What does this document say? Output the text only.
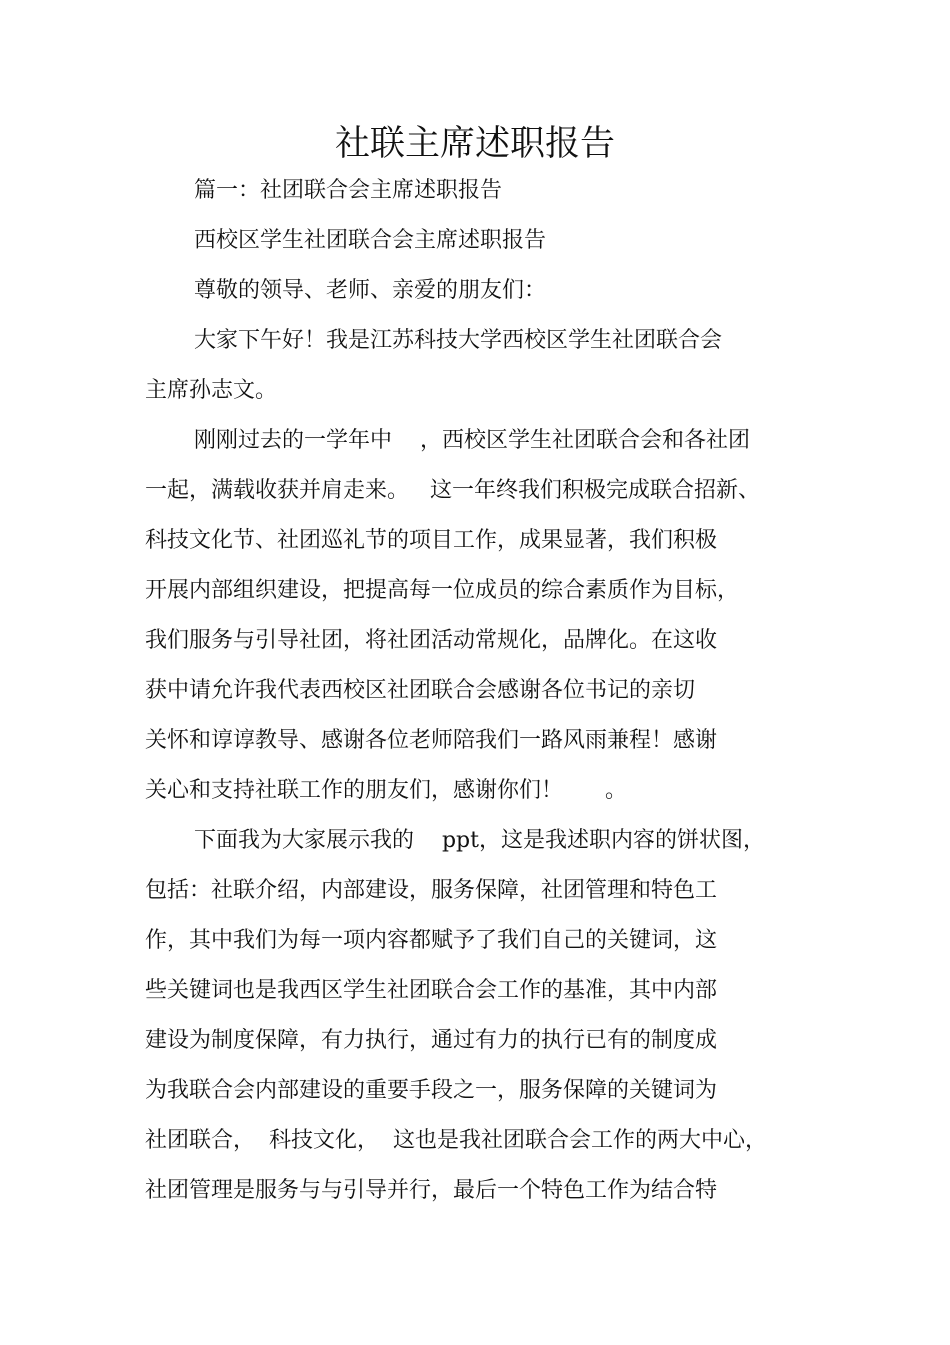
社联主席述职报告
篇一：社团联合会主席述职报告
西校区学生社团联合会主席述职报告
尊敬的领导、老师、亲爱的朋友们：
大家下午好！我是江苏科技大学西校区学生社团联合会
主席孙志文。
刚刚过去的一学年中    ，西校区学生社团联合会和各社团
一起，满载收获并肩走来。   这一年终我们积极完成联合招新、
科技文化节、社团巡礼节的项目工作，成果显著，我们积极
开展内部组织建设，把提高每一位成员的综合素质作为目标，
我们服务与引导社团，将社团活动常规化，品牌化。在这收
获中请允许我代表西校区社团联合会感谢各位书记的亲切
关怀和谆谆教导、感谢各位老师陪我们一路风雨兼程！感谢
关心和支持社联工作的朋友们，感谢你们！      。
下面我为大家展示我的    ppt，这是我述职内容的饼状图，
包括：社联介绍，内部建设，服务保障，社团管理和特色工
作，其中我们为每一项内容都赋予了我们自己的关键词，这
些关键词也是我西区学生社团联合会工作的基准，其中内部
建设为制度保障，有力执行，通过有力的执行已有的制度成
为我联合会内部建设的重要手段之一，服务保障的关键词为
社团联合，  科技文化，  这也是我社团联合会工作的两大中心，
社团管理是服务与与引导并行，最后一个特色工作为结合特
